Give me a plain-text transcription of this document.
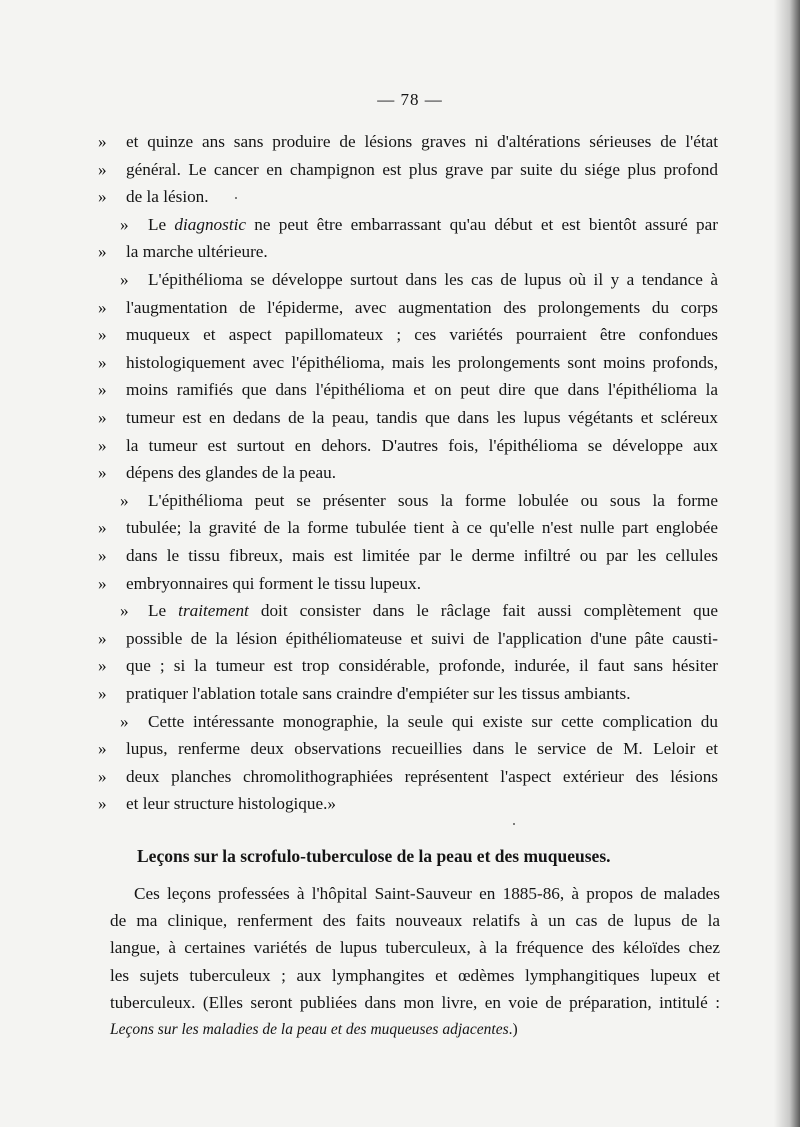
— 78 —
»	et quinze ans sans produire de lésions graves ni d'altérations sérieuses de l'état
»	général. Le cancer en champignon est plus grave par suite du siége plus profond
» de la lésion.
»	Le diagnostic ne peut être embarrassant qu'au début et est bientôt assuré par
» la marche ultérieure.
»	L'épithélioma se développe surtout dans les cas de lupus où il y a tendance à
»	l'augmentation de l'épiderme, avec augmentation des prolongements du corps
»	muqueux et aspect papillomateux ; ces variétés pourraient être confondues
»	histologiquement avec l'épithélioma, mais les prolongements sont moins profonds,
»	moins ramifiés que dans l'épithélioma et on peut dire que dans l'épithélioma la
»	tumeur est en dedans de la peau, tandis que dans les lupus végétants et scléreux
»	la tumeur est surtout en dehors. D'autres fois, l'épithélioma se développe aux
» dépens des glandes de la peau.
»	L'épithélioma peut se présenter sous la forme lobulée ou sous la forme
»	tubulée; la gravité de la forme tubulée tient à ce qu'elle n'est nulle part englobée
»	dans le tissu fibreux, mais est limitée par le derme infiltré ou par les cellules
» embryonnaires qui forment le tissu lupeux.
»	Le traitement doit consister dans le râclage fait aussi complètement que
»	possible de la lésion épithéliomateuse et suivi de l'application d'une pâte causti-
»	que ; si la tumeur est trop considérable, profonde, indurée, il faut sans hésiter
» pratiquer l'ablation totale sans craindre d'empiéter sur les tissus ambiants.
»	Cette intéressante monographie, la seule qui existe sur cette complication du
»	lupus, renferme deux observations recueillies dans le service de M. Leloir et
»	deux planches chromolithographiées représentent l'aspect extérieur des lésions
» et leur structure histologique.»
Leçons sur la scrofulo-tuberculose de la peau et des muqueuses.
Ces leçons professées à l'hôpital Saint-Sauveur en 1885-86, à propos de malades
de ma clinique, renferment des faits nouveaux relatifs à un cas de lupus de la
langue, à certaines variétés de lupus tuberculeux, à la fréquence des kéloïdes chez
les sujets tuberculeux ; aux lymphangites et œdèmes lymphangitiques lupeux et
tuberculeux. (Elles seront publiées dans mon livre, en voie de préparation, intitulé :
Leçons sur les maladies de la peau et des muqueuses adjacentes.)
